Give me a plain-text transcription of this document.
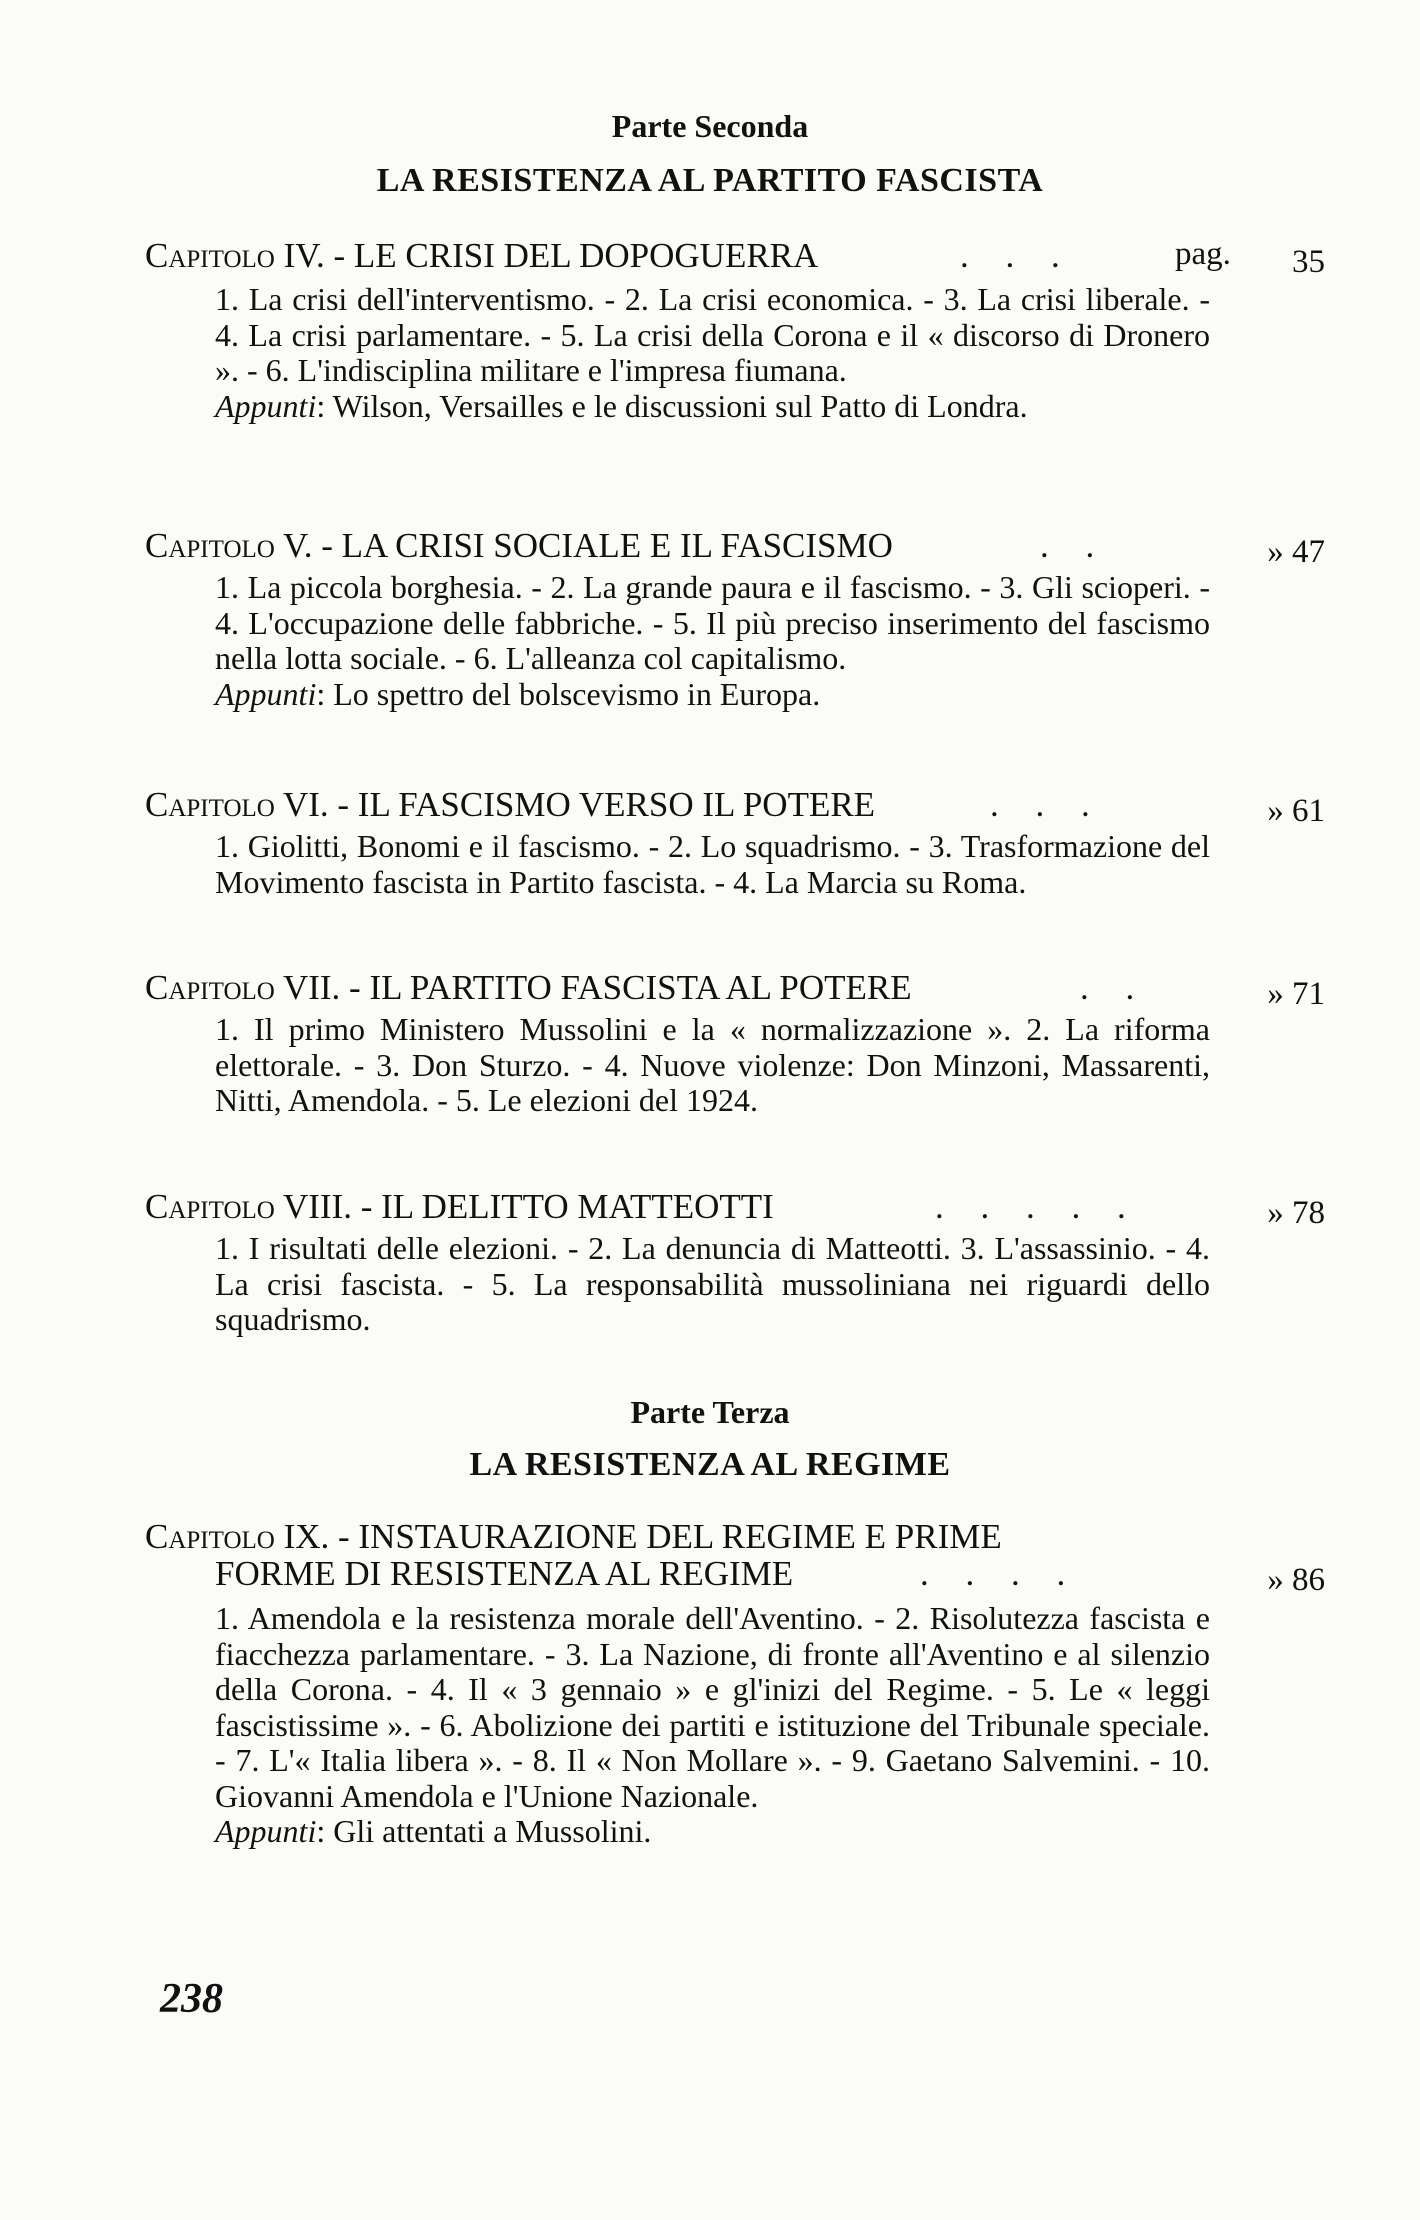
Parte Seconda
LA RESISTENZA AL PARTITO FASCISTA
Capitolo IV. - LE CRISI DEL DOPOGUERRA	. . .	pag. 35
1. La crisi dell'interventismo. - 2. La crisi economica. - 3. La crisi liberale. - 4. La crisi parlamentare. - 5. La crisi della Corona e il « discorso di Dronero ». - 6. L'indisciplina militare e l'impresa fiumana.
Appunti: Wilson, Versailles e le discussioni sul Patto di Londra.
Capitolo V. - LA CRISI SOCIALE E IL FASCISMO	. .	» 47
1. La piccola borghesia. - 2. La grande paura e il fascismo. - 3. Gli scioperi. - 4. L'occupazione delle fabbriche. - 5. Il più preciso inserimento del fascismo nella lotta sociale. - 6. L'alleanza col capitalismo.
Appunti: Lo spettro del bolscevismo in Europa.
Capitolo VI. - IL FASCISMO VERSO IL POTERE	. . .	» 61
1. Giolitti, Bonomi e il fascismo. - 2. Lo squadrismo. - 3. Trasformazione del Movimento fascista in Partito fascista. - 4. La Marcia su Roma.
Capitolo VII. - IL PARTITO FASCISTA AL POTERE	. .	» 71
1. Il primo Ministero Mussolini e la « normalizzazione ». 2. La riforma elettorale. - 3. Don Sturzo. - 4. Nuove violenze: Don Minzoni, Massarenti, Nitti, Amendola. - 5. Le elezioni del 1924.
Capitolo VIII. - IL DELITTO MATTEOTTI	. . . . .	» 78
1. I risultati delle elezioni. - 2. La denuncia di Matteotti. 3. L'assassinio. - 4. La crisi fascista. - 5. La responsabilità mussoliniana nei riguardi dello squadrismo.
Parte Terza
LA RESISTENZA AL REGIME
Capitolo IX. - INSTAURAZIONE DEL REGIME E PRIME
FORME DI RESISTENZA AL REGIME	. . . .	» 86
1. Amendola e la resistenza morale dell'Aventino. - 2. Risolutezza fascista e fiacchezza parlamentare. - 3. La Nazione, di fronte all'Aventino e al silenzio della Corona. - 4. Il « 3 gennaio » e gl'inizi del Regime. - 5. Le « leggi fascistissime ». - 6. Abolizione dei partiti e istituzione del Tribunale speciale. - 7. L'« Italia libera ». - 8. Il « Non Mollare ». - 9. Gaetano Salvemini. - 10. Giovanni Amendola e l'Unione Nazionale.
Appunti: Gli attentati a Mussolini.
238
